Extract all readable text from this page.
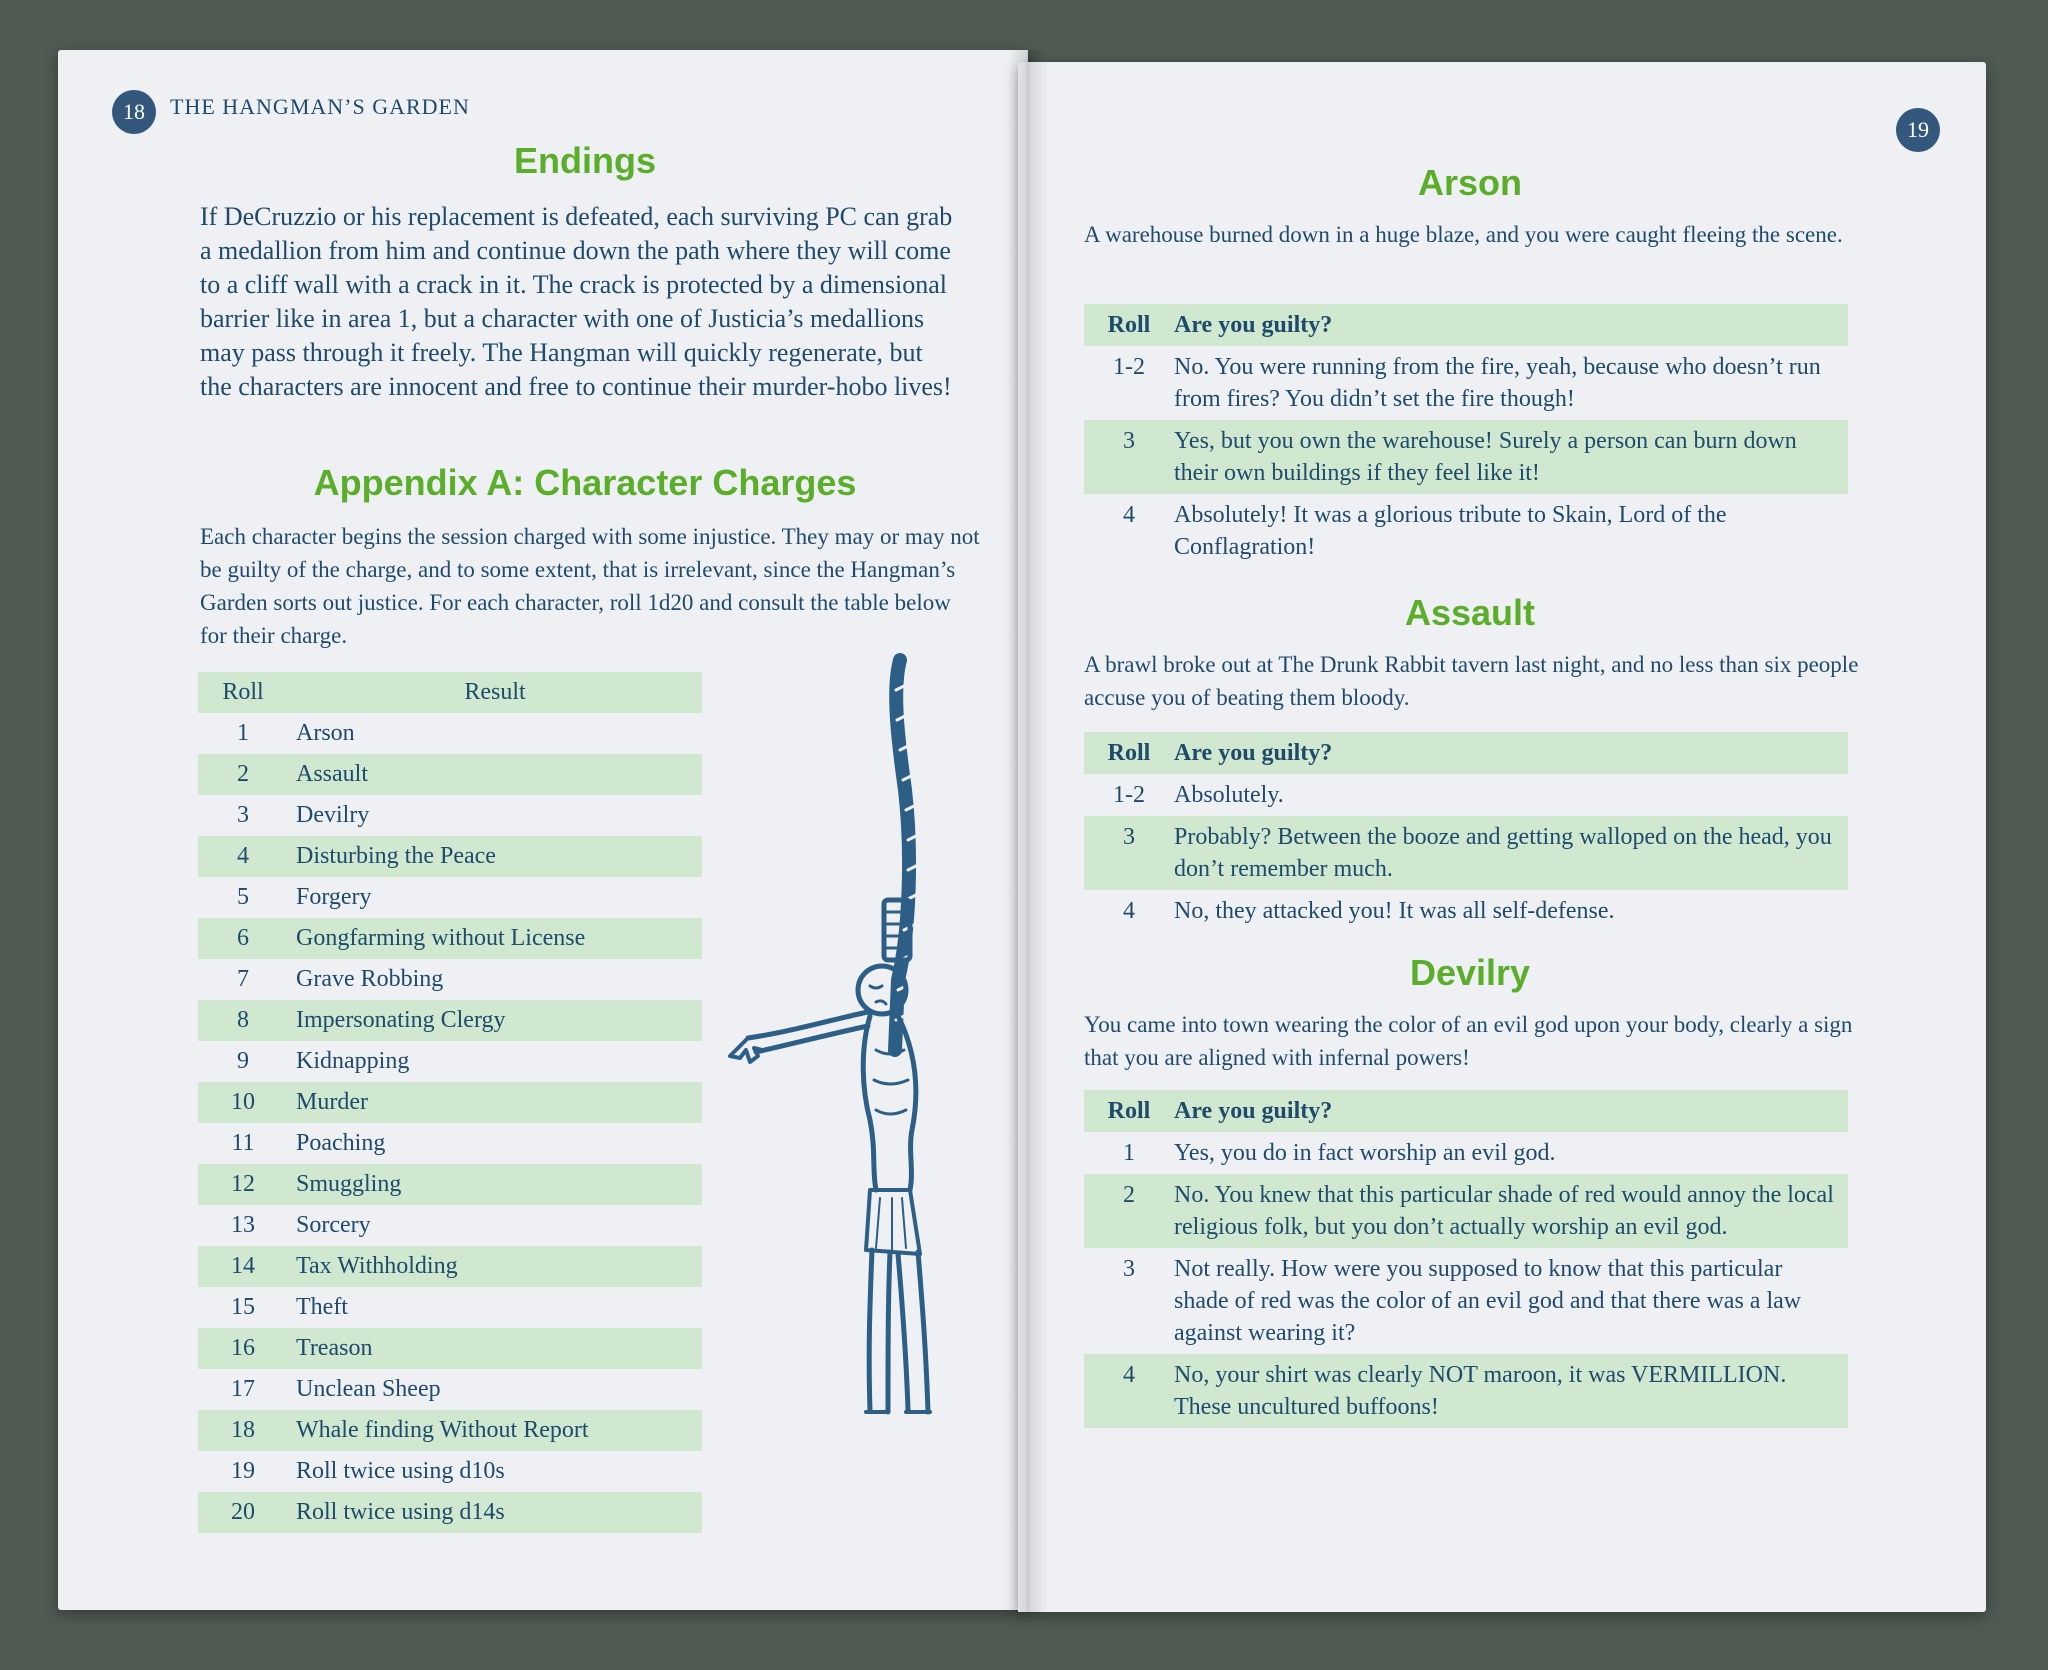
18	THE HANGMAN’S GARDEN
Endings

If DeCruzzio or his replacement is defeated, each surviving PC can grab a medallion from him and continue down the path where they will come to a cliff wall with a crack in it. The crack is protected by a dimensional barrier like in area 1, but a character with one of Justicia’s medallions may pass through it freely. The Hangman will quickly regenerate, but the characters are innocent and free to continue their murder-hobo lives!

Appendix A: Character Charges

Each character begins the session charged with some injustice. They may or may not be guilty of the charge, and to some extent, that is irrelevant, since the Hangman’s Garden sorts out justice. For each character, roll 1d20 and consult the table below for their charge.

Roll	Result
1	Arson
2	Assault
3	Devilry
4	Disturbing the Peace
5	Forgery
6	Gongfarming without License
7	Grave Robbing
8	Impersonating Clergy
9	Kidnapping
10	Murder
11	Poaching
12	Smuggling
13	Sorcery
14	Tax Withholding
15	Theft
16	Treason
17	Unclean Sheep
18	Whale finding Without Report
19	Roll twice using d10s
20	Roll twice using d14s
19
Arson

A warehouse burned down in a huge blaze, and you were caught fleeing the scene.

Roll	Are you guilty?
1-2	No. You were running from the fire, yeah, because who doesn’t run from fires? You didn’t set the fire though!
3	Yes, but you own the warehouse! Surely a person can burn down their own buildings if they feel like it!
4	Absolutely! It was a glorious tribute to Skain, Lord of the Conflagration!
Assault

A brawl broke out at The Drunk Rabbit tavern last night, and no less than six people accuse you of beating them bloody.

Roll	Are you guilty?
1-2	Absolutely.
3	Probably? Between the booze and getting walloped on the head, you don’t remember much.
4	No, they attacked you! It was all self-defense.
Devilry

You came into town wearing the color of an evil god upon your body, clearly a sign that you are aligned with infernal powers!

Roll	Are you guilty?
1	Yes, you do in fact worship an evil god.
2	No. You knew that this particular shade of red would annoy the local religious folk, but you don’t actually worship an evil god.
3	Not really. How were you supposed to know that this particular shade of red was the color of an evil god and that there was a law against wearing it?
4	No, your shirt was clearly NOT maroon, it was VERMILLION. These uncultured buffoons!
